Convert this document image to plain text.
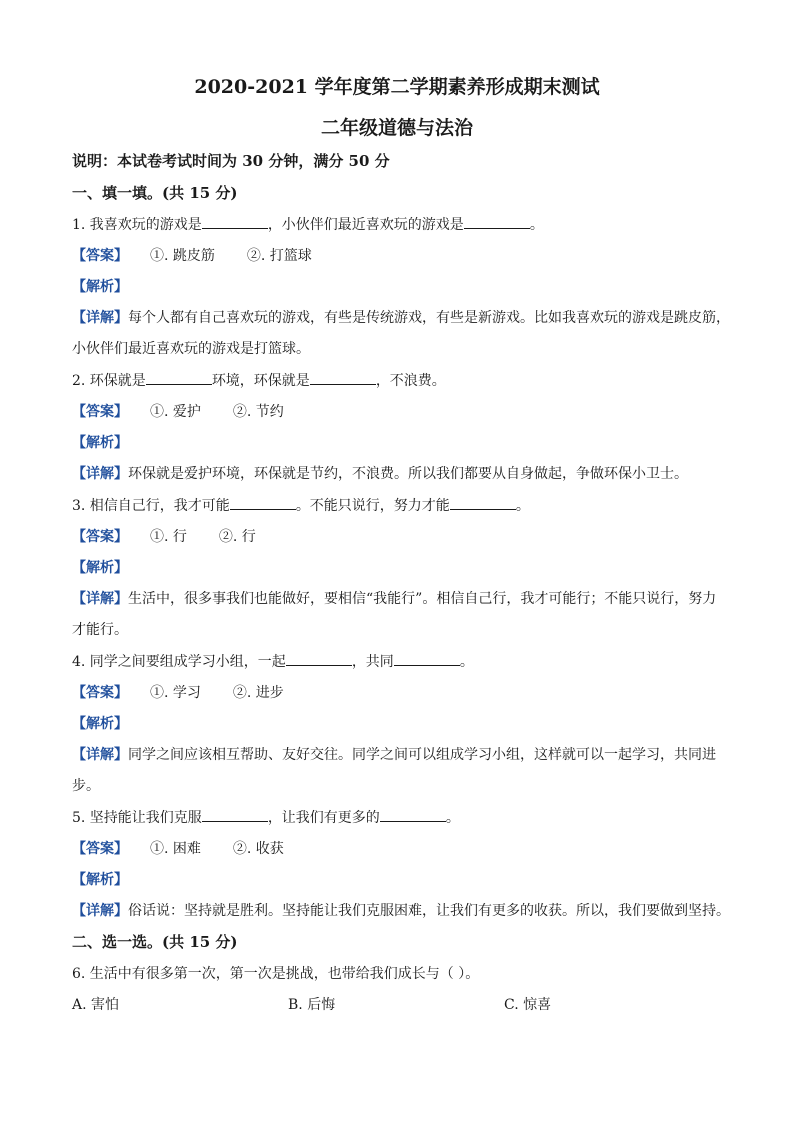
2020-2021 学年度第二学期素养形成期末测试
二年级道德与法治
说明：本试卷考试时间为 30 分钟，满分 50 分
一、填一填。(共 15 分)
1. 我喜欢玩的游戏是	，小伙伴们最近喜欢玩的游戏是	。
【答案】 ①. 跳皮筋 ②. 打篮球
【解析】
【详解】每个人都有自己喜欢玩的游戏，有些是传统游戏，有些是新游戏。比如我喜欢玩的游戏是跳皮筋，
小伙伴们最近喜欢玩的游戏是打篮球。
2. 环保就是	环境，环保就是	，不浪费。
【答案】 ①. 爱护 ②. 节约
【解析】
【详解】环保就是爱护环境，环保就是节约，不浪费。所以我们都要从自身做起，争做环保小卫士。
3. 相信自己行，我才可能	。不能只说行，努力才能	。
【答案】 ①. 行 ②. 行
【解析】
【详解】生活中，很多事我们也能做好，要相信“我能行”。相信自己行，我才可能行；不能只说行，努力
才能行。
4. 同学之间要组成学习小组，一起	，共同	。
【答案】 ①. 学习 ②. 进步
【解析】
【详解】同学之间应该相互帮助、友好交往。同学之间可以组成学习小组，这样就可以一起学习，共同进
步。
5. 坚持能让我们克服	，让我们有更多的	。
【答案】 ①. 困难 ②. 收获
【解析】
【详解】俗话说：坚持就是胜利。坚持能让我们克服困难，让我们有更多的收获。所以，我们要做到坚持。
二、选一选。(共 15 分)
6. 生活中有很多第一次，第一次是挑战，也带给我们成长与（ ）。
A. 害怕	B. 后悔	C. 惊喜
